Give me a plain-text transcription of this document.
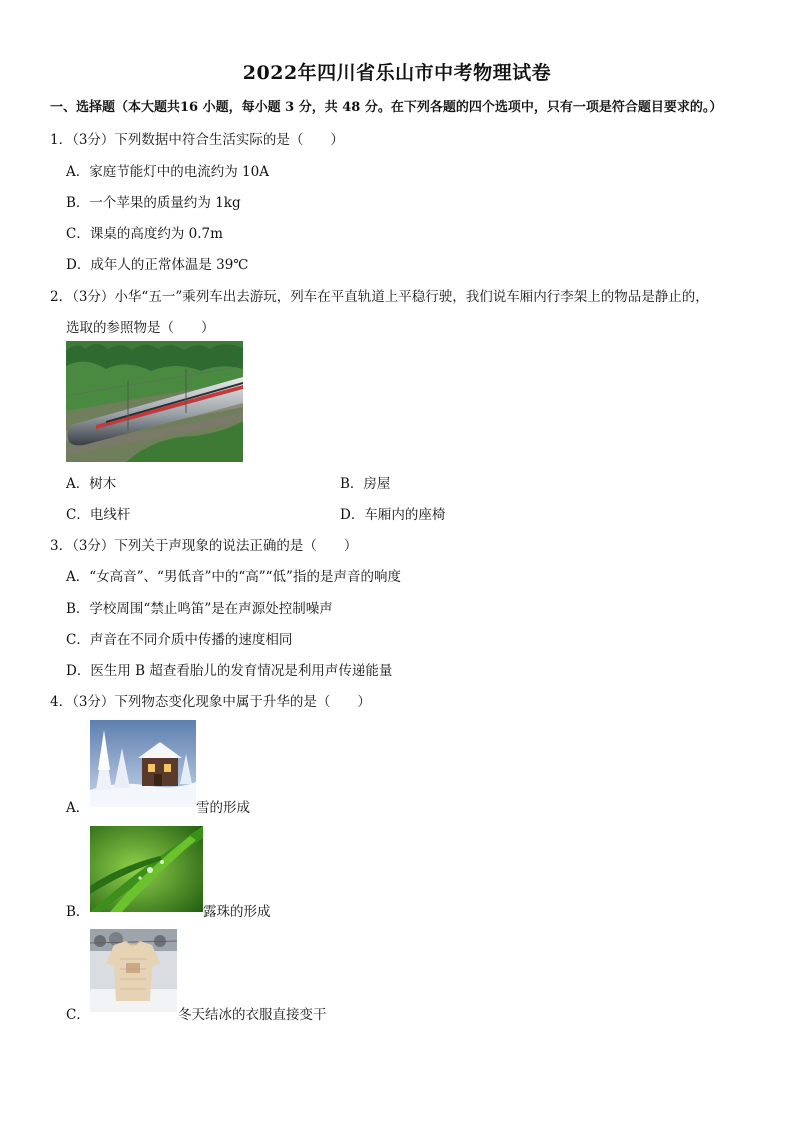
2022年四川省乐山市中考物理试卷
一、选择题（本大题共16 小题，每小题 3 分，共 48 分。在下列各题的四个选项中，只有一项是符合题目要求的。）
1．（3分）下列数据中符合生活实际的是（　　）
A．家庭节能灯中的电流约为 10A
B．一个苹果的质量约为 1kg
C．课桌的高度约为 0.7m
D．成年人的正常体温是 39℃
2．（3分）小华“五一”乘列车出去游玩，列车在平直轨道上平稳行驶，我们说车厢内行李架上的物品是静止的，
选取的参照物是（　　）
A．树木	B．房屋
C．电线杆	D．车厢内的座椅
3．（3分）下列关于声现象的说法正确的是（　　）
A．“女高音”、“男低音”中的“高”“低”指的是声音的响度
B．学校周围“禁止鸣笛”是在声源处控制噪声
C．声音在不同介质中传播的速度相同
D．医生用 B 超查看胎儿的发育情况是利用声传递能量
4．（3分）下列物态变化现象中属于升华的是（　　）
A．	雪的形成
B．	露珠的形成
C．	冬天结冰的衣服直接变干
